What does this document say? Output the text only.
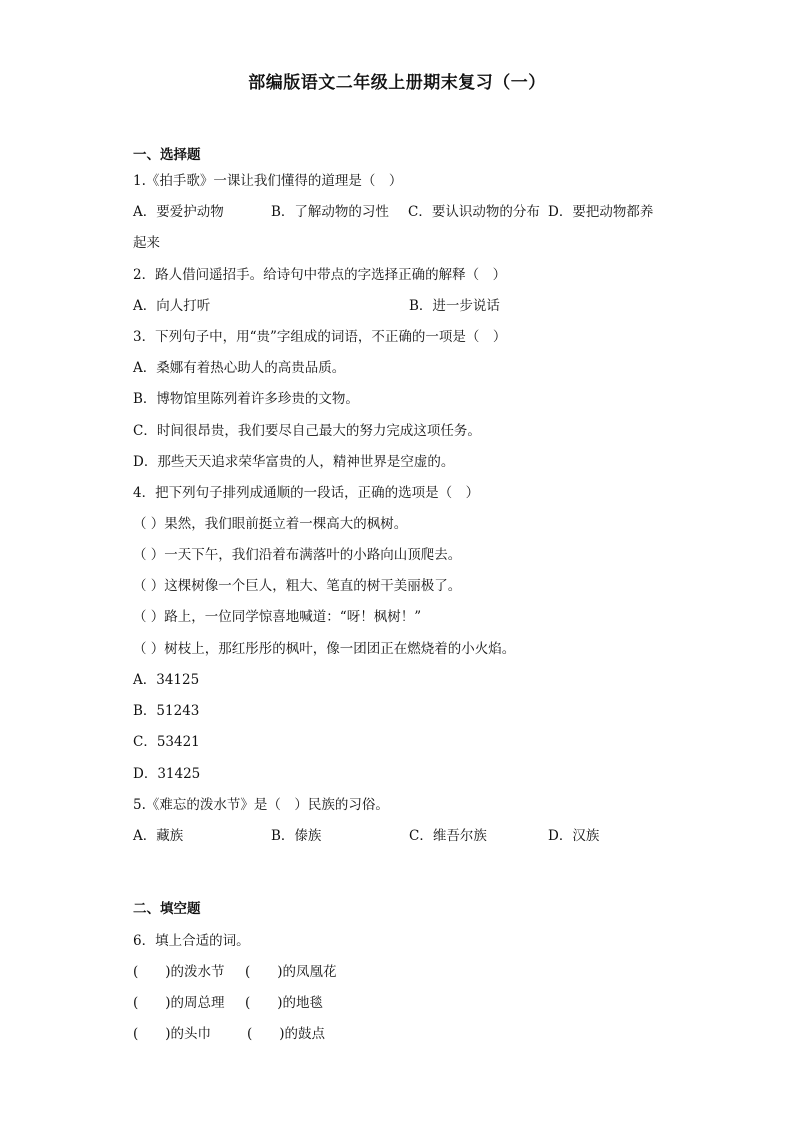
部编版语文二年级上册期末复习（一）
一、选择题
1.《拍手歌》一课让我们懂得的道理是（　）
A．要爱护动物	B．了解动物的习性 C．要认识动物的分布 D．要把动物都养
起来
2．路人借问遥招手。给诗句中带点的字选择正确的解释（　）
A．向人打听	B．进一步说话
3．下列句子中，用“贵”字组成的词语，不正确的一项是（　）
A．桑娜有着热心助人的高贵品质。
B．博物馆里陈列着许多珍贵的文物。
C．时间很昂贵，我们要尽自己最大的努力完成这项任务。
D．那些天天追求荣华富贵的人，精神世界是空虚的。
4．把下列句子排列成通顺的一段话，正确的选项是（　）
（ ）果然，我们眼前挺立着一棵高大的枫树。
（ ）一天下午，我们沿着布满落叶的小路向山顶爬去。
（ ）这棵树像一个巨人，粗大、笔直的树干美丽极了。
（ ）路上，一位同学惊喜地喊道：“呀！枫树！”
（ ）树枝上，那红彤彤的枫叶，像一团团正在燃烧着的小火焰。
A．34125
B．51243
C．53421
D．31425
5.《难忘的泼水节》是（　）民族的习俗。
A．藏族	B．傣族	C．维吾尔族	D．汉族
二、填空题
6．填上合适的词。
(　　)的泼水节 (　　)的凤凰花
(　　)的周总理 (　　)的地毯
(　　)的头巾	(　　)的鼓点
